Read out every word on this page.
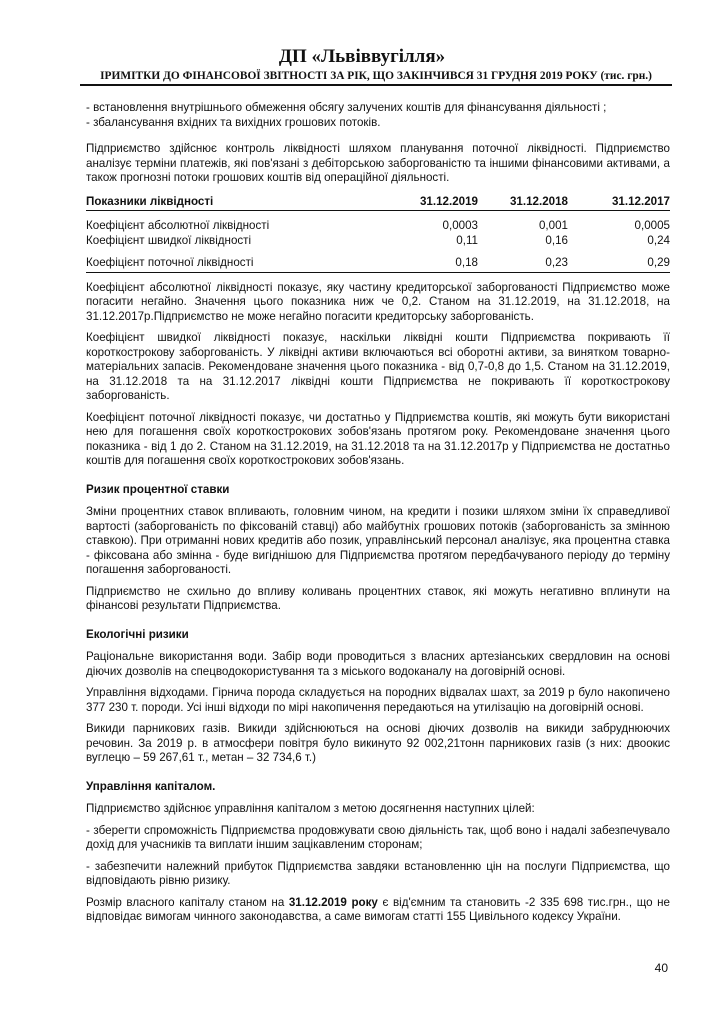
ДП «Львіввугілля»
ІРИМІТКИ ДО ФІНАНСОВОЇ ЗВІТНОСТІ ЗА РІК, ЩО ЗАКІНЧИВСЯ 31 ГРУДНЯ 2019 РОКУ (тис. грн.)

- встановлення внутрішнього обмеження обсягу залучених коштів для фінансування діяльності ;

- збалансування вхідних та вихідних грошових потоків.

Підприємство здійснює контроль ліквідності шляхом планування поточної ліквідності. Підприємство аналізує терміни платежів, які пов'язані з дебіторською заборгованістю та іншими фінансовими активами, а також прогнозні потоки грошових коштів від операційної діяльності.

Показники ліквідності	31.12.2019	31.12.2018	31.12.2017
Коефіцієнт абсолютної ліквідності	0,0003	0,001	0,0005
Коефіцієнт швидкої ліквідності	0,11	0,16	0,24
Коефіцієнт поточної ліквідності	0,18	0,23	0,29

Коефіцієнт абсолютної ліквідності показує, яку частину кредиторської заборгованості Підприємство може погасити негайно. Значення цього показника ниж че 0,2. Станом на 31.12.2019, на 31.12.2018, на 31.12.2017р.Підприємство не може негайно погасити кредиторську заборгованість.

Коефіцієнт швидкої ліквідності показує, наскільки ліквідні кошти Підприємства покривають її короткострокову заборгованість. У ліквідні активи включаються всі оборотні активи, за винятком товарно-матеріальних запасів. Рекомендоване значення цього показника - від 0,7-0,8 до 1,5. Станом на 31.12.2019, на 31.12.2018 та на 31.12.2017 ліквідні кошти Підприємства не покривають її короткострокову заборгованість.

Коефіцієнт поточної ліквідності показує, чи достатньо у Підприємства коштів, які можуть бути використані нею для погашення своїх короткострокових зобов'язань протягом року. Рекомендоване значення цього показника - від 1 до 2. Станом на 31.12.2019, на 31.12.2018 та на 31.12.2017р у Підприємства не достатньо коштів для погашення своїх короткострокових зобов'язань.

Ризик процентної ставки

Зміни процентних ставок впливають, головним чином, на кредити і позики шляхом зміни їх справедливої вартості (заборгованість по фіксованій ставці) або майбутніх грошових потоків (заборгованість за змінною ставкою). При отриманні нових кредитів або позик, управлінський персонал аналізує, яка процентна ставка - фіксована або змінна - буде вигіднішою для Підприємства протягом передбачуваного періоду до терміну погашення заборгованості.

Підприємство не схильно до впливу коливань процентних ставок, які можуть негативно вплинути на фінансові результати Підприємства.

Екологічні ризики

Раціональне використання води. Забір води проводиться з власних артезіанських свердловин на основі діючих дозволів на спецводокористування та з міського водоканалу на договірній основі.

Управління відходами. Гірнича порода складується на породних відвалах шахт, за 2019 р було накопичено 377 230 т. породи. Усі інші відходи по мірі накопичення передаються на утилізацію на договірній основі.

Викиди парникових газів. Викиди здійснюються на основі діючих дозволів на викиди забруднюючих речовин. За 2019 р. в атмосфери повітря було викинуто 92 002,21тонн парникових газів (з них: двоокис вуглецю – 59 267,61 т., метан – 32 734,6 т.)

Управління капіталом.

Підприємство здійснює управління капіталом з метою досягнення наступних цілей:

- зберегти спроможність Підприємства продовжувати свою діяльність так, щоб воно і надалі забезпечувало дохід для учасників та виплати іншим зацікавленим сторонам;

- забезпечити належний прибуток Підприємства завдяки встановленню цін на послуги Підприємства, що відповідають рівню ризику.

Розмір власного капіталу станом на 31.12.2019 року є від'ємним та становить -2 335 698 тис.грн., що не відповідає вимогам чинного законодавства, а саме вимогам статті 155 Цивільного кодексу України.

40
